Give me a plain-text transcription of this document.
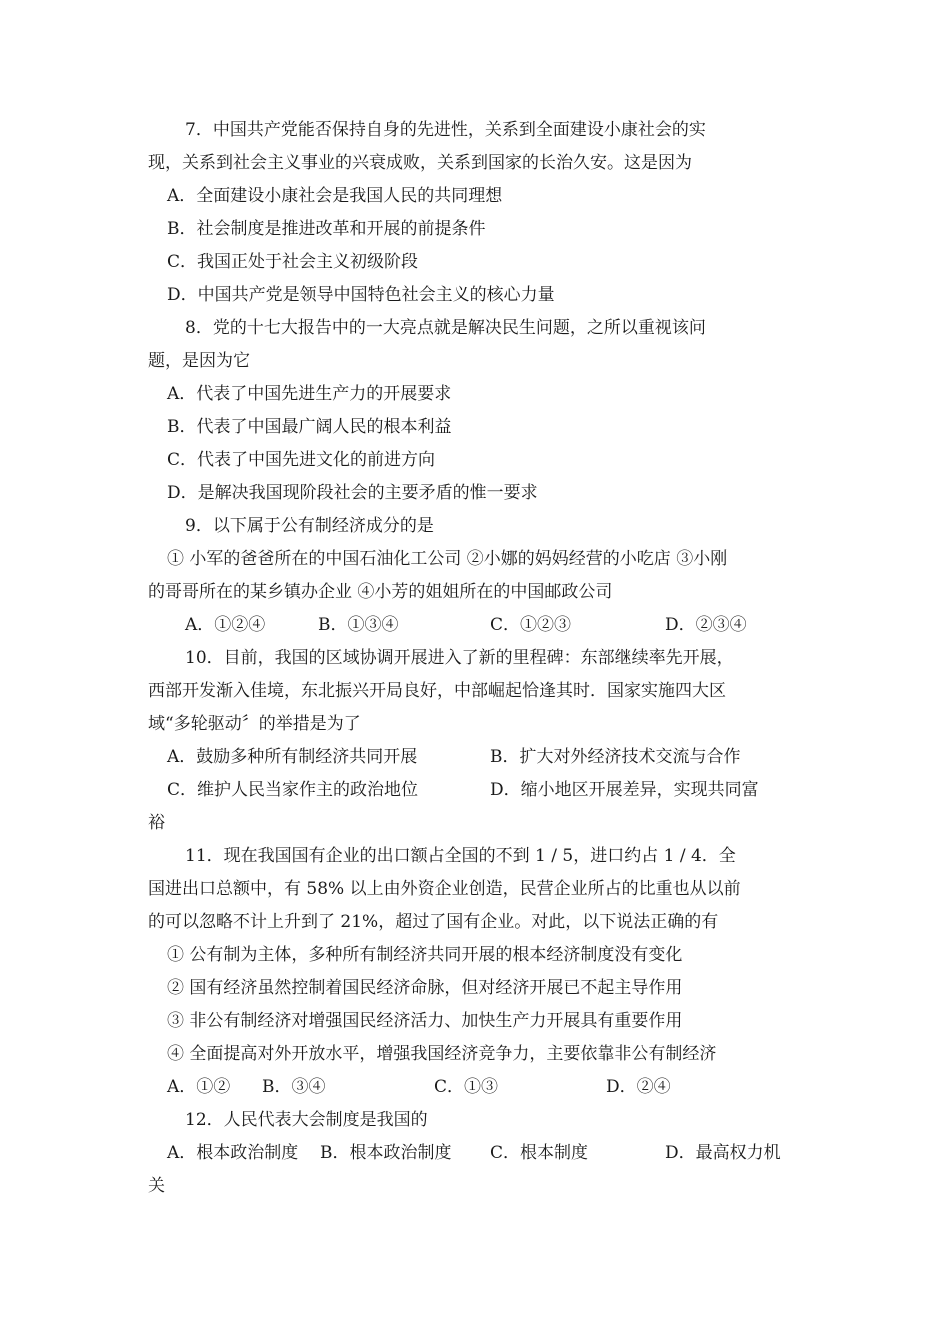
7．中国共产党能否保持自身的先进性，关系到全面建设小康社会的实
现，关系到社会主义事业的兴衰成败，关系到国家的长治久安。这是因为
A．全面建设小康社会是我国人民的共同理想
B．社会制度是推进改革和开展的前提条件
C．我国正处于社会主义初级阶段
D．中国共产党是领导中国特色社会主义的核心力量
8．党的十七大报告中的一大亮点就是解决民生问题，之所以重视该问
题，是因为它
A．代表了中国先进生产力的开展要求
B．代表了中国最广阔人民的根本利益
C．代表了中国先进文化的前进方向
D．是解决我国现阶段社会的主要矛盾的惟一要求
9．以下属于公有制经济成分的是
① 小军的爸爸所在的中国石油化工公司 ②小娜的妈妈经营的小吃店 ③小刚
的哥哥所在的某乡镇办企业 ④小芳的姐姐所在的中国邮政公司
A．①②④	B．①③④	C．①②③	D．②③④
10．目前，我国的区域协调开展进入了新的里程碑：东部继续率先开展，
西部开发渐入佳境，东北振兴开局良好，中部崛起恰逢其时．国家实施四大区
域“多轮驱动〞的举措是为了
A．鼓励多种所有制经济共同开展	B．扩大对外经济技术交流与合作
C．维护人民当家作主的政治地位	D．缩小地区开展差异，实现共同富
裕
11．现在我国国有企业的出口额占全国的不到 1 / 5，进口约占 1 / 4．全
国进出口总额中，有 58% 以上由外资企业创造，民营企业所占的比重也从以前
的可以忽略不计上升到了 21%，超过了国有企业。对此，以下说法正确的有
① 公有制为主体，多种所有制经济共同开展的根本经济制度没有变化
② 国有经济虽然控制着国民经济命脉，但对经济开展已不起主导作用
③ 非公有制经济对增强国民经济活力、加快生产力开展具有重要作用
④ 全面提高对外开放水平，增强我国经济竞争力，主要依靠非公有制经济
A．①② B．③④	C．①③	D．②④
12．人民代表大会制度是我国的
A．根本政治制度 B．根本政治制度 C．根本制度	D．最高权力机
关
